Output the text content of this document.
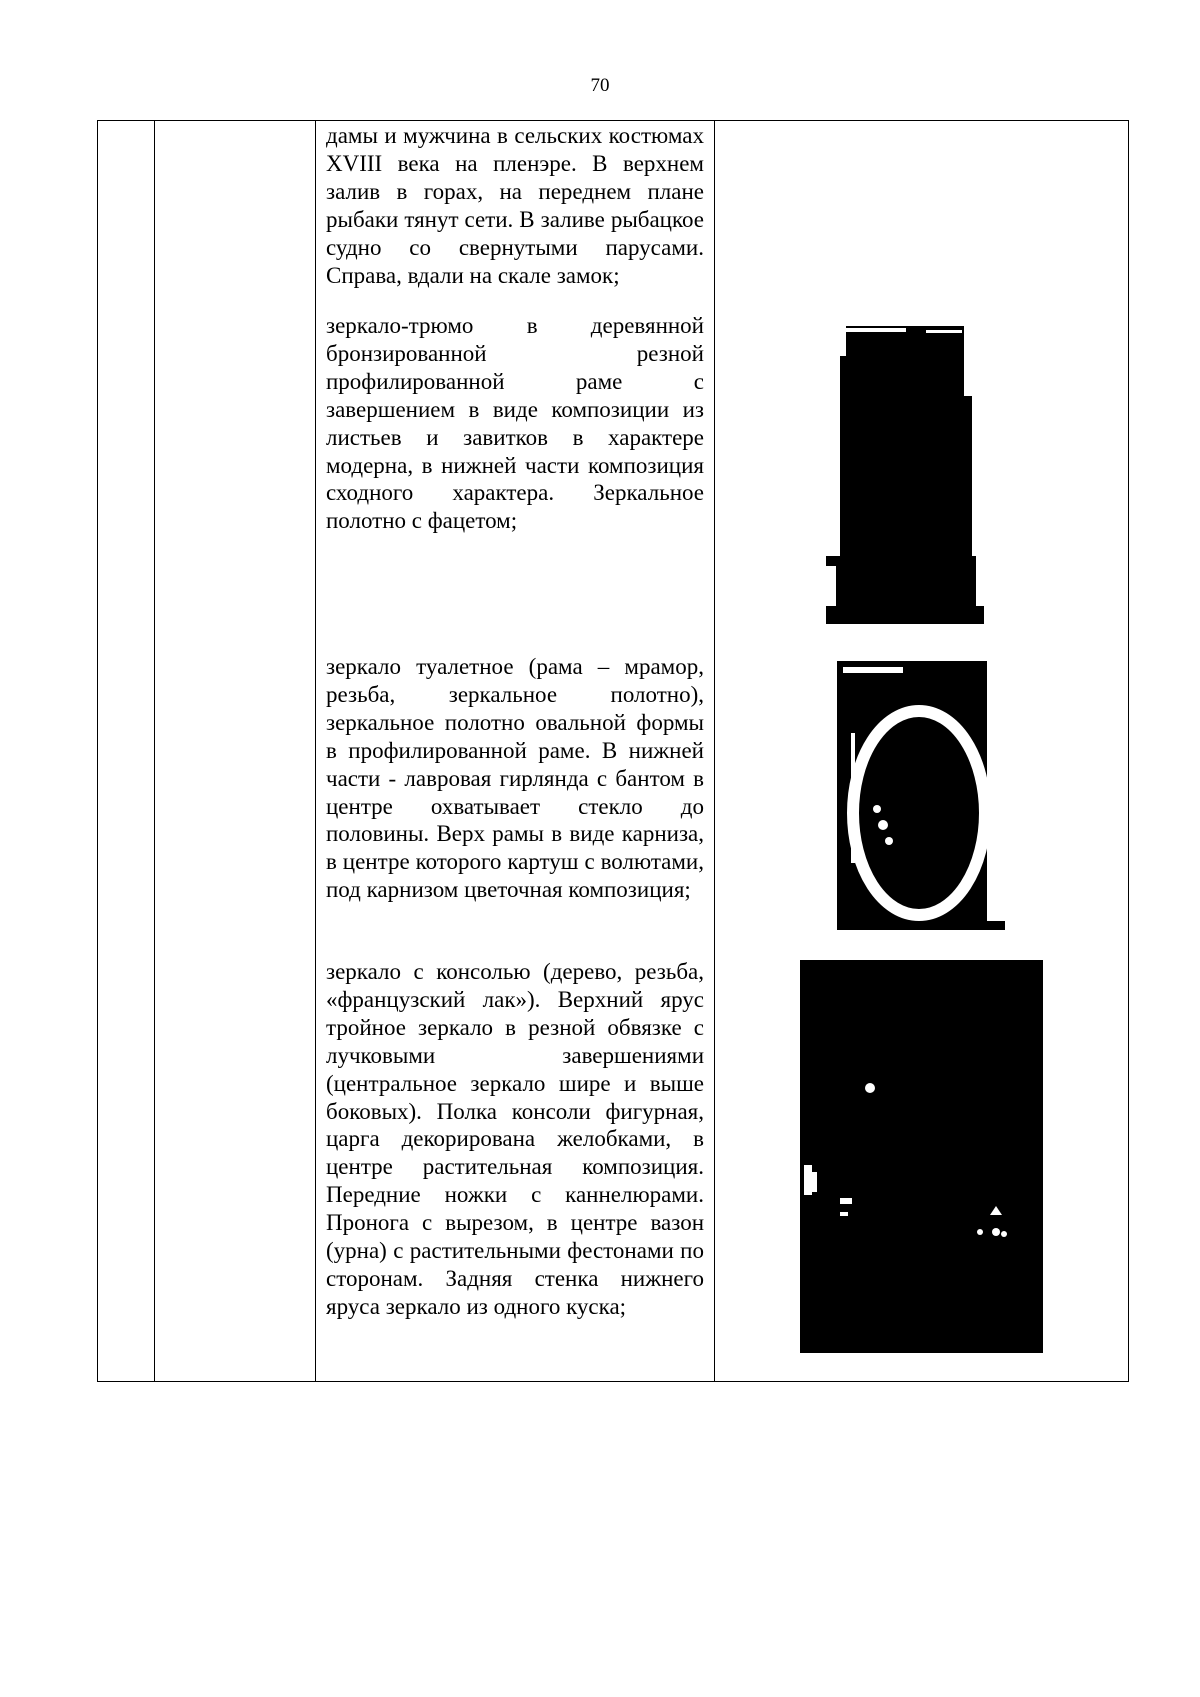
70
дамы и мужчина в сельских костюмах XVIII века на пленэре. В верхнем залив в горах, на переднем плане рыбаки тянут сети. В заливе рыбацкое судно со свернутыми парусами. Справа, вдали на скале замок;
зеркало-трюмо в деревянной бронзированной резной профилированной раме с завершением в виде композиции из листьев и завитков в характере модерна, в нижней части композиция сходного характера. Зеркальное полотно с фацетом;
зеркало туалетное (рама – мрамор, резьба, зеркальное полотно), зеркальное полотно овальной формы в профилированной раме. В нижней части - лавровая гирлянда с бантом в центре охватывает стекло до половины. Верх рамы в виде карниза, в центре которого картуш с волютами, под карнизом цветочная композиция;
зеркало с консолью (дерево, резьба, «французский лак»). Верхний ярус тройное зеркало в резной обвязке с лучковыми завершениями (центральное зеркало шире и выше боковых). Полка консоли фигурная, царга декорирована желобками, в центре растительная композиция. Передние ножки с каннелюрами. Пронога с вырезом, в центре вазон (урна) с растительными фестонами по сторонам. Задняя стенка нижнего яруса зеркало из одного куска;
